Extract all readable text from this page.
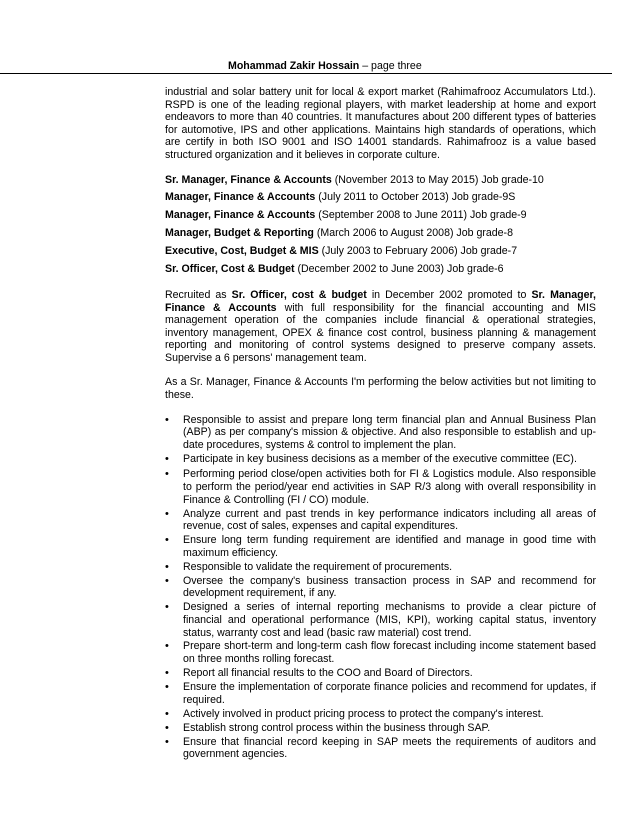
Mohammad Zakir Hossain – page three

industrial and solar battery unit for local & export market (Rahimafrooz Accumulators Ltd.). RSPD is one of the leading regional players, with market leadership at home and export endeavors to more than 40 countries. It manufactures about 200 different types of batteries for automotive, IPS and other applications. Maintains high standards of operations, which are certify in both ISO 9001 and ISO 14001 standards. Rahimafrooz is a value based structured organization and it believes in corporate culture.

Sr. Manager, Finance & Accounts (November 2013 to May 2015) Job grade-10
Manager, Finance & Accounts (July 2011 to October 2013) Job grade-9S
Manager, Finance & Accounts (September 2008 to June 2011) Job grade-9
Manager, Budget & Reporting (March 2006 to August 2008) Job grade-8
Executive, Cost, Budget & MIS (July 2003 to February 2006) Job grade-7
Sr. Officer, Cost & Budget (December 2002 to June 2003) Job grade-6

Recruited as Sr. Officer, cost & budget in December 2002 promoted to Sr. Manager, Finance & Accounts with full responsibility for the financial accounting and MIS management operation of the companies include financial & operational strategies, inventory management, OPEX & finance cost control, business planning & management reporting and monitoring of control systems designed to preserve company assets. Supervise a 6 persons' management team.

As a Sr. Manager, Finance & Accounts I'm performing the below activities but not limiting to these.

• Responsible to assist and prepare long term financial plan and Annual Business Plan (ABP) as per company's mission & objective. And also responsible to establish and up-date procedures, systems & control to implement the plan.
• Participate in key business decisions as a member of the executive committee (EC).
• Performing period close/open activities both for FI & Logistics module. Also responsible to perform the period/year end activities in SAP R/3 along with overall responsibility in Finance & Controlling (FI / CO) module.
• Analyze current and past trends in key performance indicators including all areas of revenue, cost of sales, expenses and capital expenditures.
• Ensure long term funding requirement are identified and manage in good time with maximum efficiency.
• Responsible to validate the requirement of procurements.
• Oversee the company's business transaction process in SAP and recommend for development requirement, if any.
• Designed a series of internal reporting mechanisms to provide a clear picture of financial and operational performance (MIS, KPI), working capital status, inventory status, warranty cost and lead (basic raw material) cost trend.
• Prepare short-term and long-term cash flow forecast including income statement based on three months rolling forecast.
• Report all financial results to the COO and Board of Directors.
• Ensure the implementation of corporate finance policies and recommend for updates, if required.
• Actively involved in product pricing process to protect the company's interest.
• Establish strong control process within the business through SAP.
• Ensure that financial record keeping in SAP meets the requirements of auditors and government agencies.
